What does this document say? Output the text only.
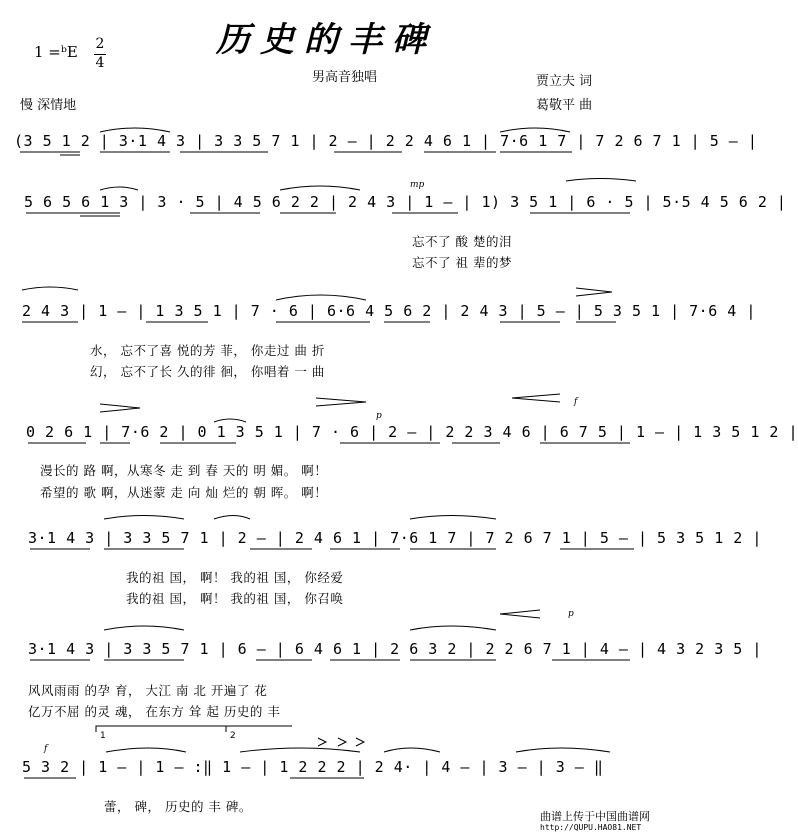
历史的丰碑
1 =ᵇE 2
4
男高音独唱	贾立夫 词
慢 深情地	葛敬平 曲
(3 5 1 2 | 3·1 4 3 | 3 3 5 7 1 | 2 — | 2 2 4 6 1 | 7·6 1 7 | 7 2 6 7 1 | 5 — |
mp
5 6 5 6 1 3 | 3 · 5 | 4 5 6 2 2 | 2 4 3 | 1 — | 1) 3 5 1 | 6 · 5 | 5·5 4 5 6 2 |
忘不了 酸 楚的泪
忘不了 祖 辈的梦
2 4 3 | 1 — | 1 3 5 1 | 7 · 6 | 6·6 4 5 6 2 | 2 4 3 | 5 — | 5 3 5 1 | 7·6 4 |
水， 忘不了喜 悦的芳 菲， 你走过 曲 折
幻， 忘不了长 久的徘 徊， 你唱着 一 曲
p
f
0 2 6 1 | 7·6 2 | 0 1 3 5 1 | 7 · 6 | 2 — | 2 2 3 4 6 | 6 7 5 | 1 — | 1 3 5 1 2 |
漫长的 路 啊，从寒冬 走 到 春 天的 明 媚。 啊！
希望的 歌 啊，从迷蒙 走 向 灿 烂的 朝 晖。 啊！
3·1 4 3 | 3 3 5 7 1 | 2 — | 2 4 6 1 | 7·6 1 7 | 7 2 6 7 1 | 5 — | 5 3 5 1 2 |
我的祖 国， 啊！ 我的祖 国， 你经爱
我的祖 国， 啊！ 我的祖 国， 你召唤
p
3·1 4 3 | 3 3 5 7 1 | 6 — | 6 4 6 1 | 2 6 3 2 | 2 2 6 7 1 | 4 — | 4 3 2 3 5 |
风风雨雨 的孕 育， 大江 南 北 开遍了 花
亿万不屈 的灵 魂， 在东方 耸 起 历史的 丰
f
1	2
5 3 2 | 1 — | 1 — :‖ 1 — | 1 2 2 2 | 2 4· | 4 — | 3 — | 3 — ‖
蕾， 碑， 历史的 丰 碑。
曲谱上传于中国曲谱网
http://QUPU.HAO81.NET
